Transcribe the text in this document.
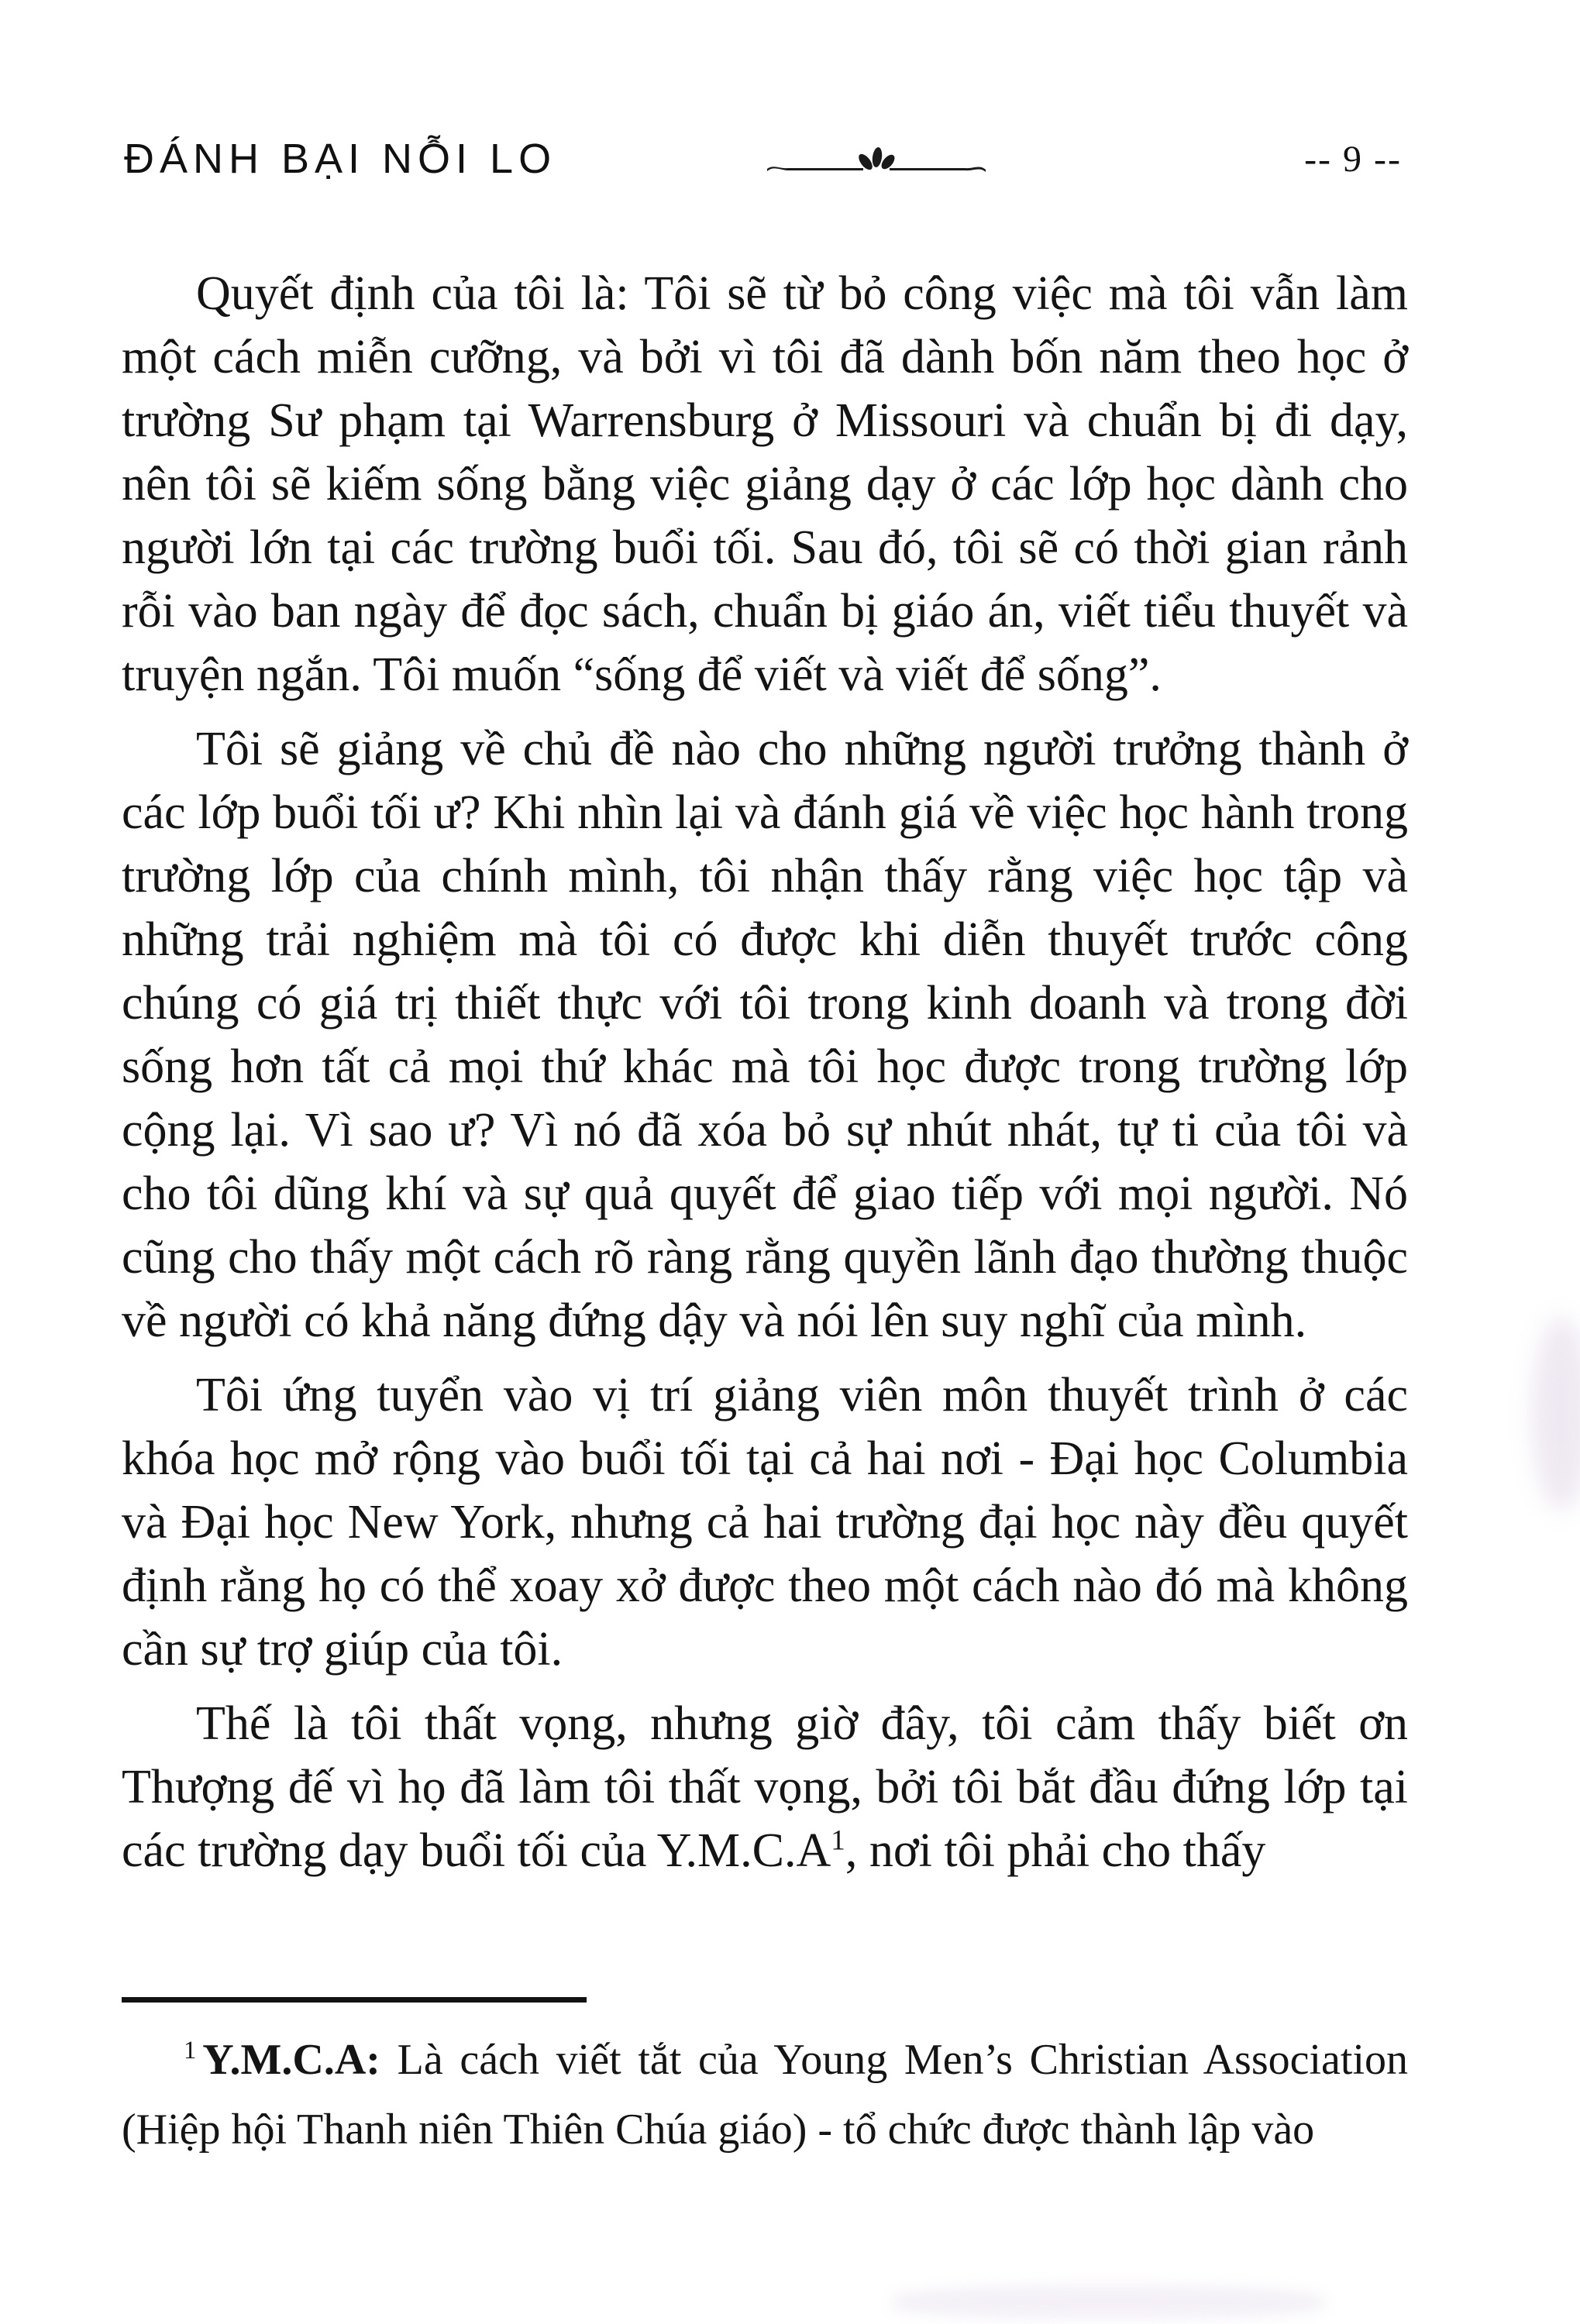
ĐÁNH BẠI NỖI LO	-- 9 --

Quyết định của tôi là: Tôi sẽ từ bỏ công việc mà tôi vẫn làm một cách miễn cưỡng, và bởi vì tôi đã dành bốn năm theo học ở trường Sư phạm tại Warrensburg ở Missouri và chuẩn bị đi dạy, nên tôi sẽ kiếm sống bằng việc giảng dạy ở các lớp học dành cho người lớn tại các trường buổi tối. Sau đó, tôi sẽ có thời gian rảnh rỗi vào ban ngày để đọc sách, chuẩn bị giáo án, viết tiểu thuyết và truyện ngắn. Tôi muốn “sống để viết và viết để sống”.

Tôi sẽ giảng về chủ đề nào cho những người trưởng thành ở các lớp buổi tối ư? Khi nhìn lại và đánh giá về việc học hành trong trường lớp của chính mình, tôi nhận thấy rằng việc học tập và những trải nghiệm mà tôi có được khi diễn thuyết trước công chúng có giá trị thiết thực với tôi trong kinh doanh và trong đời sống hơn tất cả mọi thứ khác mà tôi học được trong trường lớp cộng lại. Vì sao ư? Vì nó đã xóa bỏ sự nhút nhát, tự ti của tôi và cho tôi dũng khí và sự quả quyết để giao tiếp với mọi người. Nó cũng cho thấy một cách rõ ràng rằng quyền lãnh đạo thường thuộc về người có khả năng đứng dậy và nói lên suy nghĩ của mình.

Tôi ứng tuyển vào vị trí giảng viên môn thuyết trình ở các khóa học mở rộng vào buổi tối tại cả hai nơi - Đại học Columbia và Đại học New York, nhưng cả hai trường đại học này đều quyết định rằng họ có thể xoay xở được theo một cách nào đó mà không cần sự trợ giúp của tôi.

Thế là tôi thất vọng, nhưng giờ đây, tôi cảm thấy biết ơn Thượng đế vì họ đã làm tôi thất vọng, bởi tôi bắt đầu đứng lớp tại các trường dạy buổi tối của Y.M.C.A$^1$, nơi tôi phải cho thấy

$^1$ Y.M.C.A: Là cách viết tắt của Young Men’s Christian Association (Hiệp hội Thanh niên Thiên Chúa giáo) - tổ chức được thành lập vào
